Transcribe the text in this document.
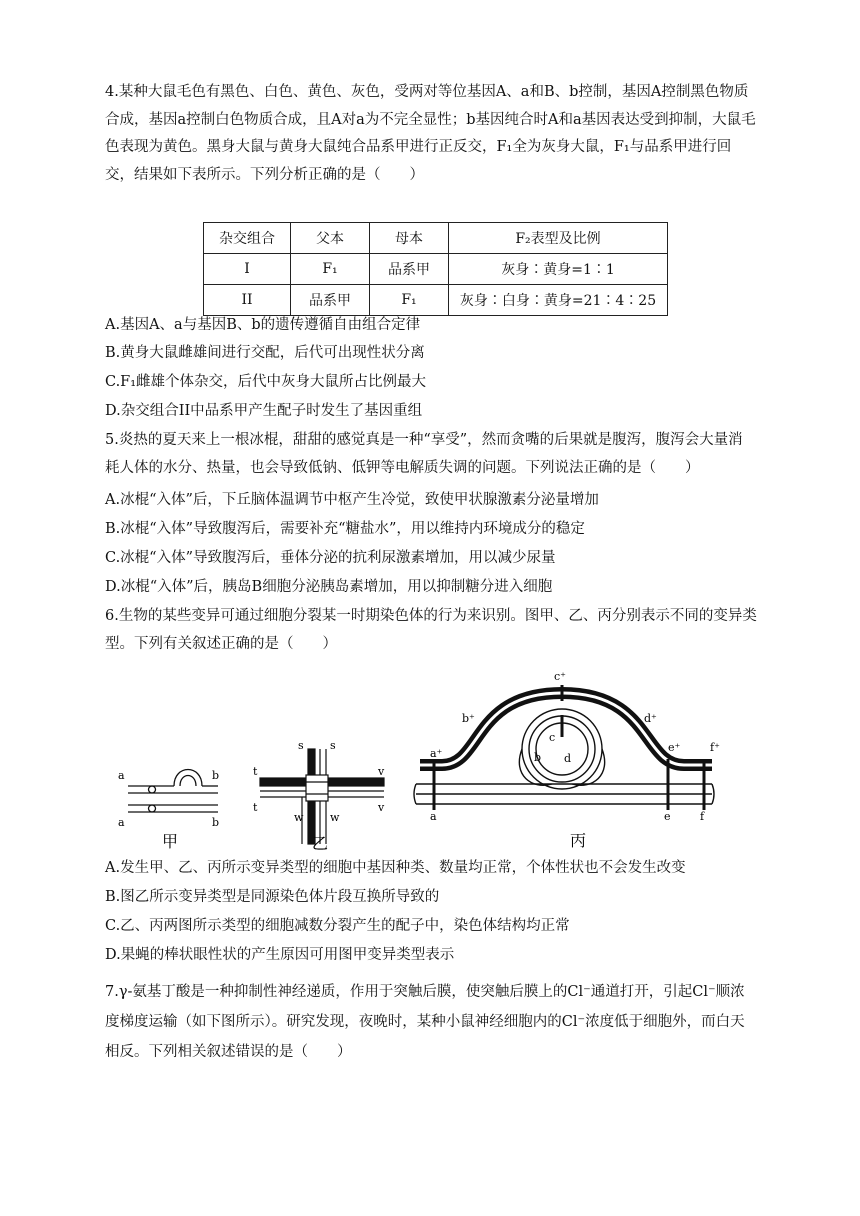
4.某种大鼠毛色有黑色、白色、黄色、灰色，受两对等位基因A、a和B、b控制，基因A控制黑色物质合成，基因a控制白色物质合成，且A对a为不完全显性；b基因纯合时A和a基因表达受到抑制，大鼠毛色表现为黄色。黑身大鼠与黄身大鼠纯合品系甲进行正反交，F₁全为灰身大鼠，F₁与品系甲进行回交，结果如下表所示。下列分析正确的是（　　）

杂交组合	父本	母本	F₂表型及比例
I	F₁	品系甲	灰身∶黄身=1∶1
II	品系甲	F₁	灰身∶白身∶黄身=21∶4∶25
A.基因A、a与基因B、b的遗传遵循自由组合定律
B.黄身大鼠雌雄间进行交配，后代可出现性状分离
C.F₁雌雄个体杂交，后代中灰身大鼠所占比例最大
D.杂交组合II中品系甲产生配子时发生了基因重组

5.炎热的夏天来上一根冰棍，甜甜的感觉真是一种“享受”，然而贪嘴的后果就是腹泻，腹泻会大量消耗人体的水分、热量，也会导致低钠、低钾等电解质失调的问题。下列说法正确的是（　　）

A.冰棍“入体”后，下丘脑体温调节中枢产生冷觉，致使甲状腺激素分泌量增加
B.冰棍“入体”导致腹泻后，需要补充“糖盐水”，用以维持内环境成分的稳定
C.冰棍“入体”导致腹泻后，垂体分泌的抗利尿激素增加，用以减少尿量
D.冰棍“入体”后，胰岛B细胞分泌胰岛素增加，用以抑制糖分进入细胞

6.生物的某些变异可通过细胞分裂某一时期染色体的行为来识别。图甲、乙、丙分别表示不同的变异类型。下列有关叙述正确的是（　　）

a	b
a	b
甲
s s
t	v
t	v
w w
乙
c⁺
b⁺	d⁺
a⁺	e⁺	f⁺
c
b d
a	e	f
丙
A.发生甲、乙、丙所示变异类型的细胞中基因种类、数量均正常，个体性状也不会发生改变
B.图乙所示变异类型是同源染色体片段互换所导致的
C.乙、丙两图所示类型的细胞减数分裂产生的配子中，染色体结构均正常
D.果蝇的棒状眼性状的产生原因可用图甲变异类型表示

7.γ-氨基丁酸是一种抑制性神经递质，作用于突触后膜，使突触后膜上的Cl⁻通道打开，引起Cl⁻顺浓度梯度运输（如下图所示）。研究发现，夜晚时，某种小鼠神经细胞内的Cl⁻浓度低于细胞外，而白天相反。下列相关叙述错误的是（　　）
